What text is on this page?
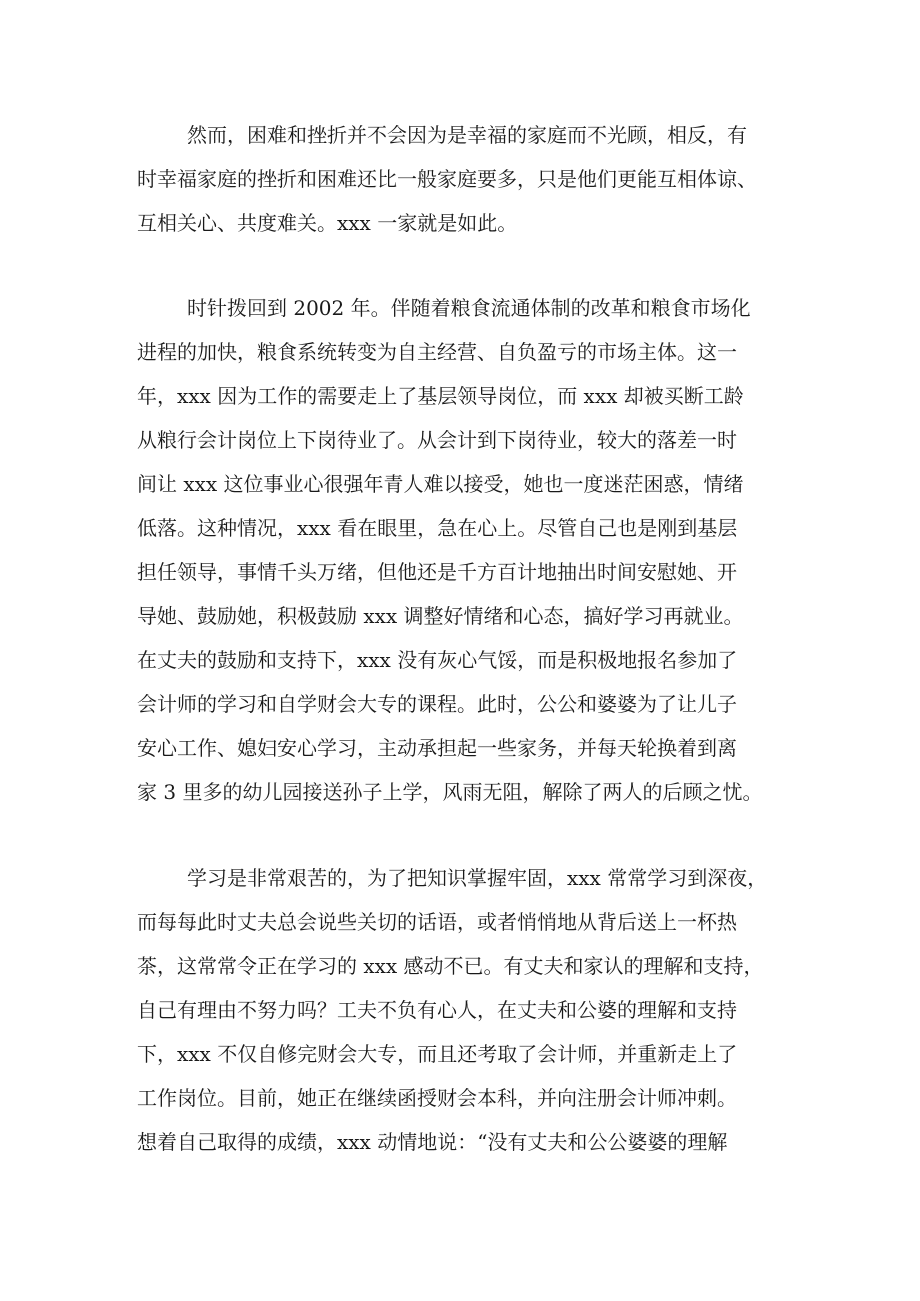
然而，困难和挫折并不会因为是幸福的家庭而不光顾，相反，有
时幸福家庭的挫折和困难还比一般家庭要多，只是他们更能互相体谅、
互相关心、共度难关。xxx 一家就是如此。
时针拨回到 2002 年。伴随着粮食流通体制的改革和粮食市场化
进程的加快，粮食系统转变为自主经营、自负盈亏的市场主体。这一
年，xxx 因为工作的需要走上了基层领导岗位，而 xxx 却被买断工龄
从粮行会计岗位上下岗待业了。从会计到下岗待业，较大的落差一时
间让 xxx 这位事业心很强年青人难以接受，她也一度迷茫困惑，情绪
低落。这种情况，xxx 看在眼里，急在心上。尽管自己也是刚到基层
担任领导，事情千头万绪，但他还是千方百计地抽出时间安慰她、开
导她、鼓励她，积极鼓励 xxx 调整好情绪和心态，搞好学习再就业。
在丈夫的鼓励和支持下，xxx 没有灰心气馁，而是积极地报名参加了
会计师的学习和自学财会大专的课程。此时，公公和婆婆为了让儿子
安心工作、媳妇安心学习，主动承担起一些家务，并每天轮换着到离
家 3 里多的幼儿园接送孙子上学，风雨无阻，解除了两人的后顾之忧。
学习是非常艰苦的，为了把知识掌握牢固，xxx 常常学习到深夜，
而每每此时丈夫总会说些关切的话语，或者悄悄地从背后送上一杯热
茶，这常常令正在学习的 xxx 感动不已。有丈夫和家认的理解和支持，
自己有理由不努力吗？工夫不负有心人，在丈夫和公婆的理解和支持
下，xxx 不仅自修完财会大专，而且还考取了会计师，并重新走上了
工作岗位。目前，她正在继续函授财会本科，并向注册会计师冲刺。
想着自己取得的成绩，xxx 动情地说：“没有丈夫和公公婆婆的理解
